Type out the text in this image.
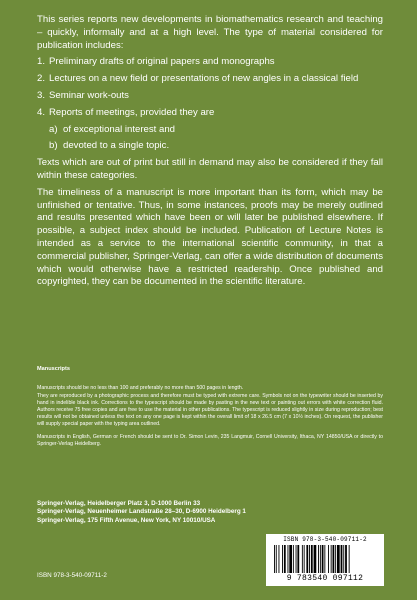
This series reports new developments in biomathematics research and teaching – quickly, informally and at a high level. The type of material considered for publication includes:

1. Preliminary drafts of original papers and monographs
2. Lectures on a new field or presentations of new angles in a classical field
3. Seminar work-outs
4. Reports of meetings, provided they are
a) of exceptional interest and
b) devoted to a single topic.

Texts which are out of print but still in demand may also be considered if they fall within these categories.

The timeliness of a manuscript is more important than its form, which may be unfinished or tentative. Thus, in some instances, proofs may be merely outlined and results presented which have been or will later be published elsewhere. If possible, a subject index should be included. Publication of Lecture Notes is intended as a service to the international scientific community, in that a commercial publisher, Springer-Verlag, can offer a wide distribution of documents which would otherwise have a restricted readership. Once published and copyrighted, they can be documented in the scientific literature.

Manuscripts

Manuscripts should be no less than 100 and preferably no more than 500 pages in length.

They are reproduced by a photographic process and therefore must be typed with extreme care. Symbols not on the typewriter should be inserted by hand in indelible black ink. Corrections to the typescript should be made by pasting in the new text or painting out errors with white correction fluid. Authors receive 75 free copies and are free to use the material in other publications. The typescript is reduced slightly in size during reproduction; best results will not be obtained unless the text on any one page is kept within the overall limit of 18 x 26.5 cm (7 x 10½ inches). On request, the publisher will supply special paper with the typing area outlined.

Manuscripts in English, German or French should be sent to Dr. Simon Levin, 235 Langmuir, Cornell University, Ithaca, NY 14850/USA or directly to Springer-Verlag Heidelberg.

Springer-Verlag, Heidelberger Platz 3, D-1000 Berlin 33
Springer-Verlag, Neuenheimer Landstraße 28–30, D-6900 Heidelberg 1
Springer-Verlag, 175 Fifth Avenue, New York, NY 10010/USA
ISBN 978-3-540-09711-2
ISBN 978-3-540-09711-2
9 783540 097112
